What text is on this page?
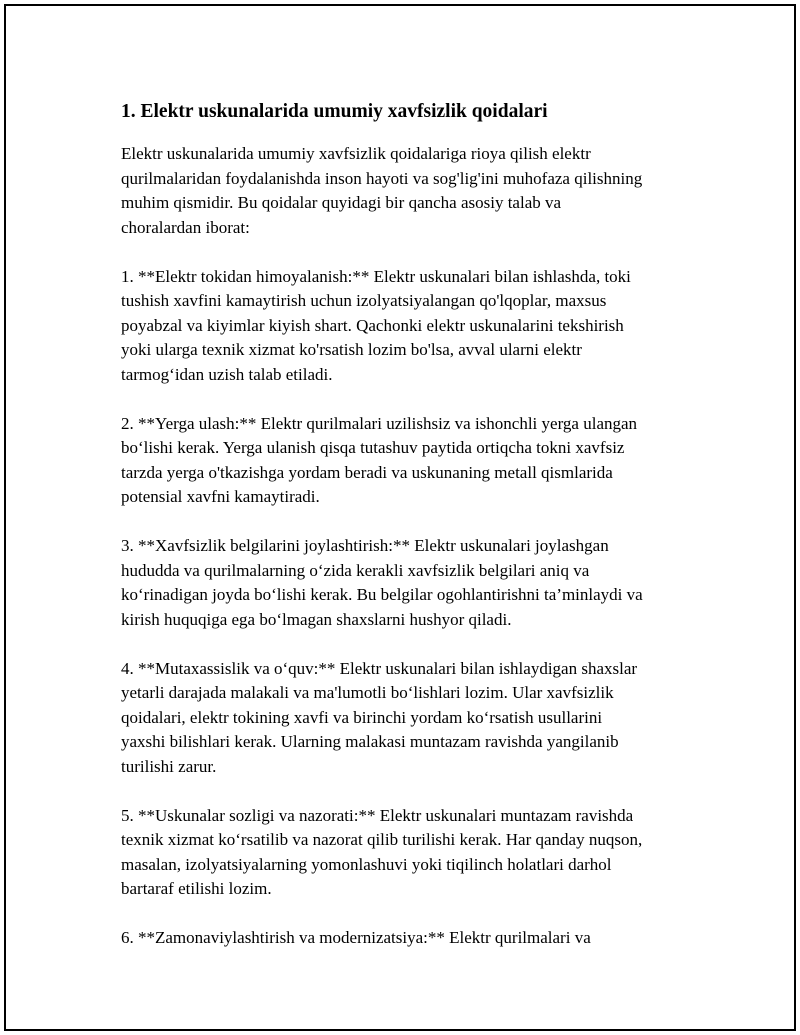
1. Elektr uskunalarida umumiy xavfsizlik qoidalari

Elektr uskunalarida umumiy xavfsizlik qoidalariga rioya qilish elektr
qurilmalaridan foydalanishda inson hayoti va sog'lig'ini muhofaza qilishning
muhim qismidir. Bu qoidalar quyidagi bir qancha asosiy talab va
choralardan iborat:

1. **Elektr tokidan himoyalanish:** Elektr uskunalari bilan ishlashda, toki
tushish xavfini kamaytirish uchun izolyatsiyalangan qo'lqoplar, maxsus
poyabzal va kiyimlar kiyish shart. Qachonki elektr uskunalarini tekshirish
yoki ularga texnik xizmat ko'rsatish lozim bo'lsa, avval ularni elektr
tarmog‘idan uzish talab etiladi.

2. **Yerga ulash:** Elektr qurilmalari uzilishsiz va ishonchli yerga ulangan
bo‘lishi kerak. Yerga ulanish qisqa tutashuv paytida ortiqcha tokni xavfsiz
tarzda yerga o'tkazishga yordam beradi va uskunaning metall qismlarida
potensial xavfni kamaytiradi.

3. **Xavfsizlik belgilarini joylashtirish:** Elektr uskunalari joylashgan
hududda va qurilmalarning o‘zida kerakli xavfsizlik belgilari aniq va
ko‘rinadigan joyda bo‘lishi kerak. Bu belgilar ogohlantirishni ta’minlaydi va
kirish huquqiga ega bo‘lmagan shaxslarni hushyor qiladi.

4. **Mutaxassislik va o‘quv:** Elektr uskunalari bilan ishlaydigan shaxslar
yetarli darajada malakali va ma'lumotli bo‘lishlari lozim. Ular xavfsizlik
qoidalari, elektr tokining xavfi va birinchi yordam ko‘rsatish usullarini
yaxshi bilishlari kerak. Ularning malakasi muntazam ravishda yangilanib
turilishi zarur.

5. **Uskunalar sozligi va nazorati:** Elektr uskunalari muntazam ravishda
texnik xizmat ko‘rsatilib va nazorat qilib turilishi kerak. Har qanday nuqson,
masalan, izolyatsiyalarning yomonlashuvi yoki tiqilinch holatlari darhol
bartaraf etilishi lozim.

6. **Zamonaviylashtirish va modernizatsiya:** Elektr qurilmalari va
